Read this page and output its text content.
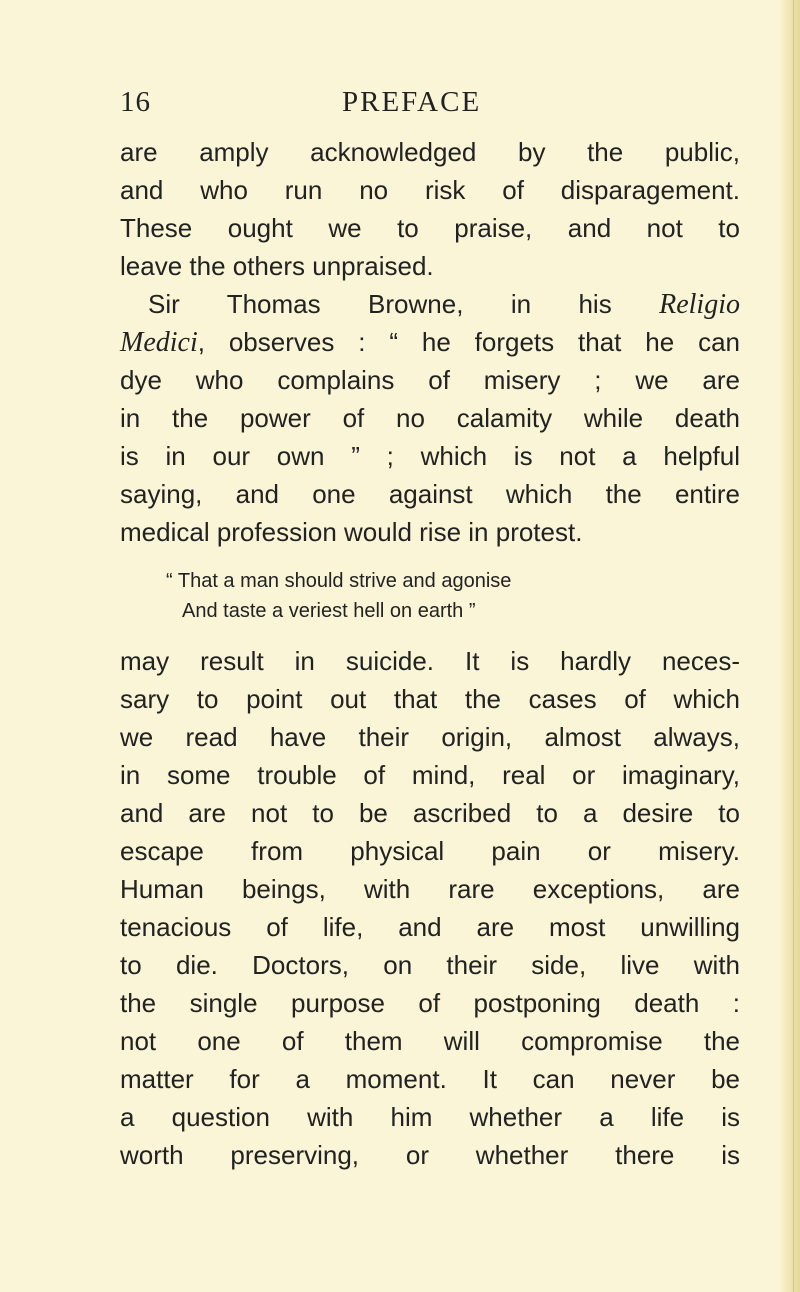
16	PREFACE
are amply acknowledged by the public,
and who run no risk of disparagement.
These ought we to praise, and not to
leave the others unpraised.
Sir Thomas Browne, in his Religio
Medici, observes : “ he forgets that he can
dye who complains of misery ; we are
in the power of no calamity while death
is in our own ” ; which is not a helpful
saying, and one against which the entire
medical profession would rise in protest.
“ That a man should strive and agonise
And taste a veriest hell on earth ”
may result in suicide. It is hardly neces-
sary to point out that the cases of which
we read have their origin, almost always,
in some trouble of mind, real or imaginary,
and are not to be ascribed to a desire to
escape from physical pain or misery.
Human beings, with rare exceptions, are
tenacious of life, and are most unwilling
to die. Doctors, on their side, live with
the single purpose of postponing death :
not one of them will compromise the
matter for a moment. It can never be
a question with him whether a life is
worth preserving, or whether there is
